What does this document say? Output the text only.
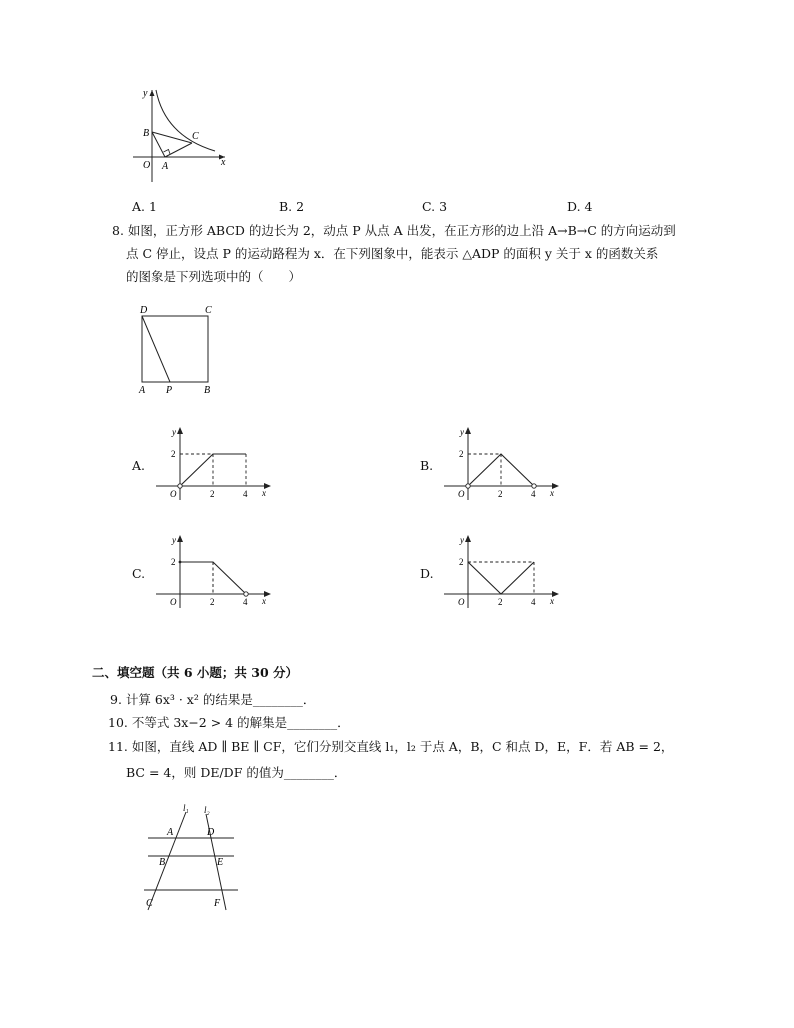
y
B	C
O A	x
A. 1	B. 2	C. 3	D. 4
8. 如图，正方形 ABCD 的边长为 2，动点 P 从点 A 出发，在正方形的边上沿 A→B→C 的方向运动到
点 C 停止，设点 P 的运动路程为 x．在下列图象中，能表示 △ADP 的面积 y 关于 x 的函数关系
的图象是下列选项中的（　　）
D	C
A P	B
A.
y
x
O
2
2	4
B.
y
x
O
2
2	4
C.
y
x
O
2
2	4
D.
y
x
O
2
2	4
二、填空题（共 6 小题；共 30 分）
9. 计算 6x³ · x² 的结果是________．
10. 不等式 3x−2 > 4 的解集是________．
11. 如图，直线 AD ∥ BE ∥ CF，它们分别交直线 l₁，l₂ 于点 A，B，C 和点 D，E，F．若 AB = 2，
BC = 4，则 DE/DF 的值为________．
l₁ l₂
A	D
B	E
C	F
